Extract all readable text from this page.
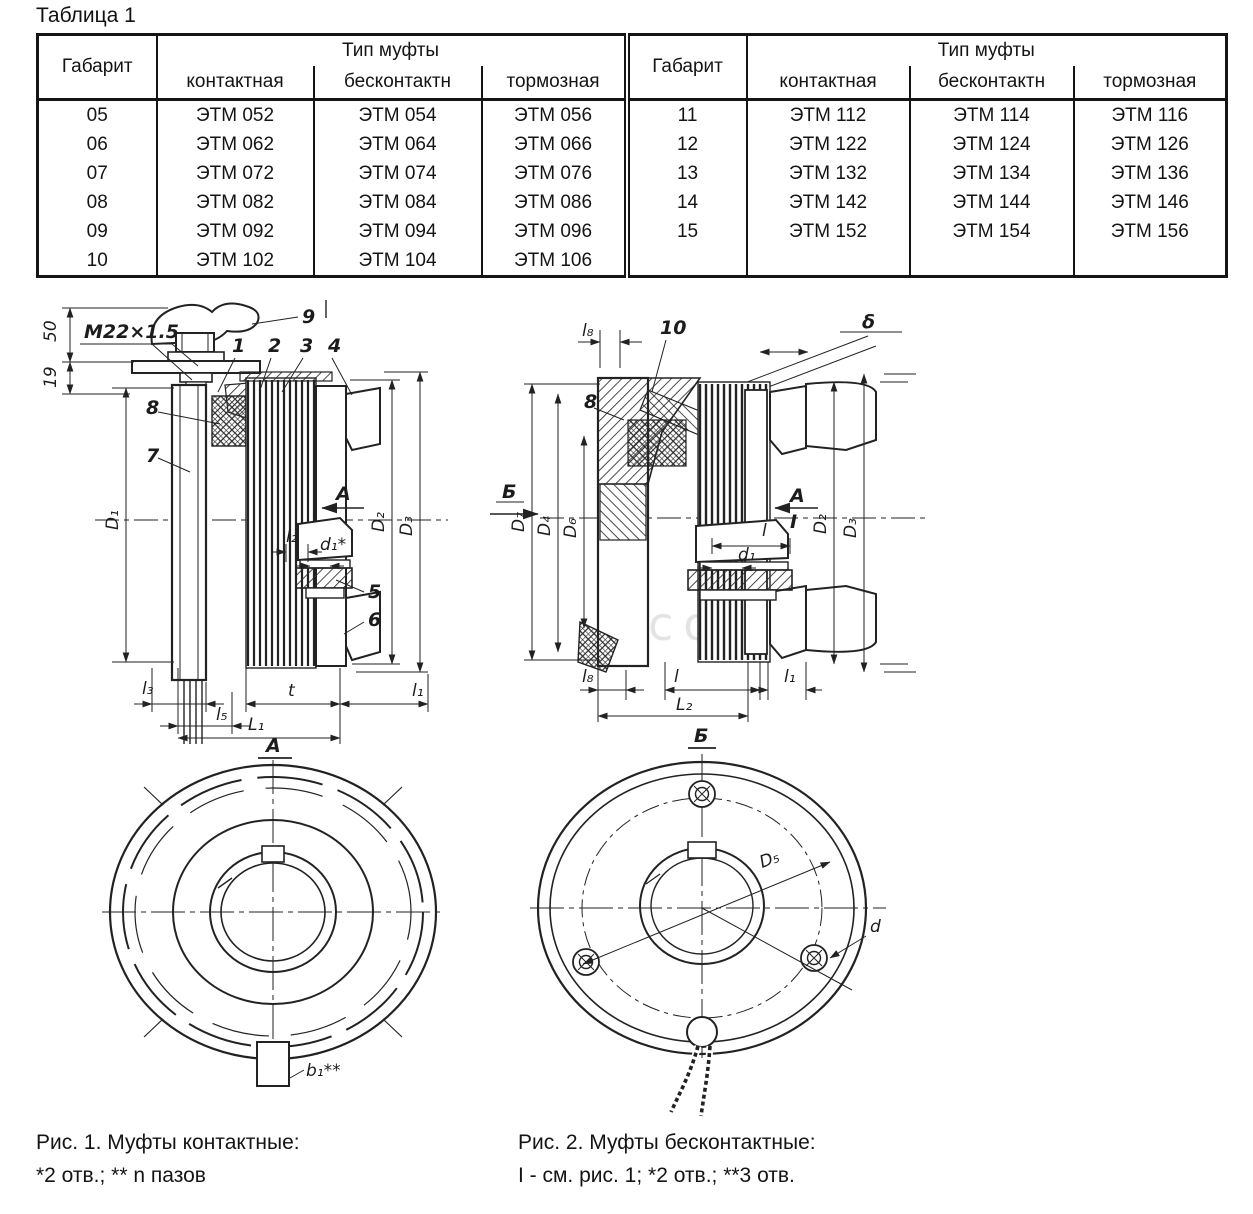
Таблица 1
Габарит	Тип муфты			Габарит	Тип муфты		
	контактная	бесконтактн	тормозная		контактная	бесконтактн	тормозная
05	ЭТМ 052	ЭТМ 054	ЭТМ 056	11	ЭТМ 112	ЭТМ 114	ЭТМ 116
06	ЭТМ 062	ЭТМ 064	ЭТМ 066	12	ЭТМ 122	ЭТМ 124	ЭТМ 126
07	ЭТМ 072	ЭТМ 074	ЭТМ 076	13	ЭТМ 132	ЭТМ 134	ЭТМ 136
08	ЭТМ 082	ЭТМ 084	ЭТМ 086	14	ЭТМ 142	ЭТМ 144	ЭТМ 146
09	ЭТМ 092	ЭТМ 094	ЭТМ 096	15	ЭТМ 152	ЭТМ 154	ЭТМ 156
10	ЭТМ 102	ЭТМ 104	ЭТМ 106				
9
М22×1.5
50
19
7
8
1 2 3 4
А
l₂ d₁*
5
6
D₁	D₂ D₃
l₃
l₅
t	l₁
L₁
Б
8
10	δ
l₈
А
I
l
d₁
D₇ D₄ D₆	D₂ D₃
l₈	l	l₁
L₂
А
b₁**
Б
D₅
d
Рис. 1. Муфты контактные:
*2 отв.; ** n пазов
Рис. 2. Муфты бесконтактные:
I - см. рис. 1; *2 отв.; **3 отв.
